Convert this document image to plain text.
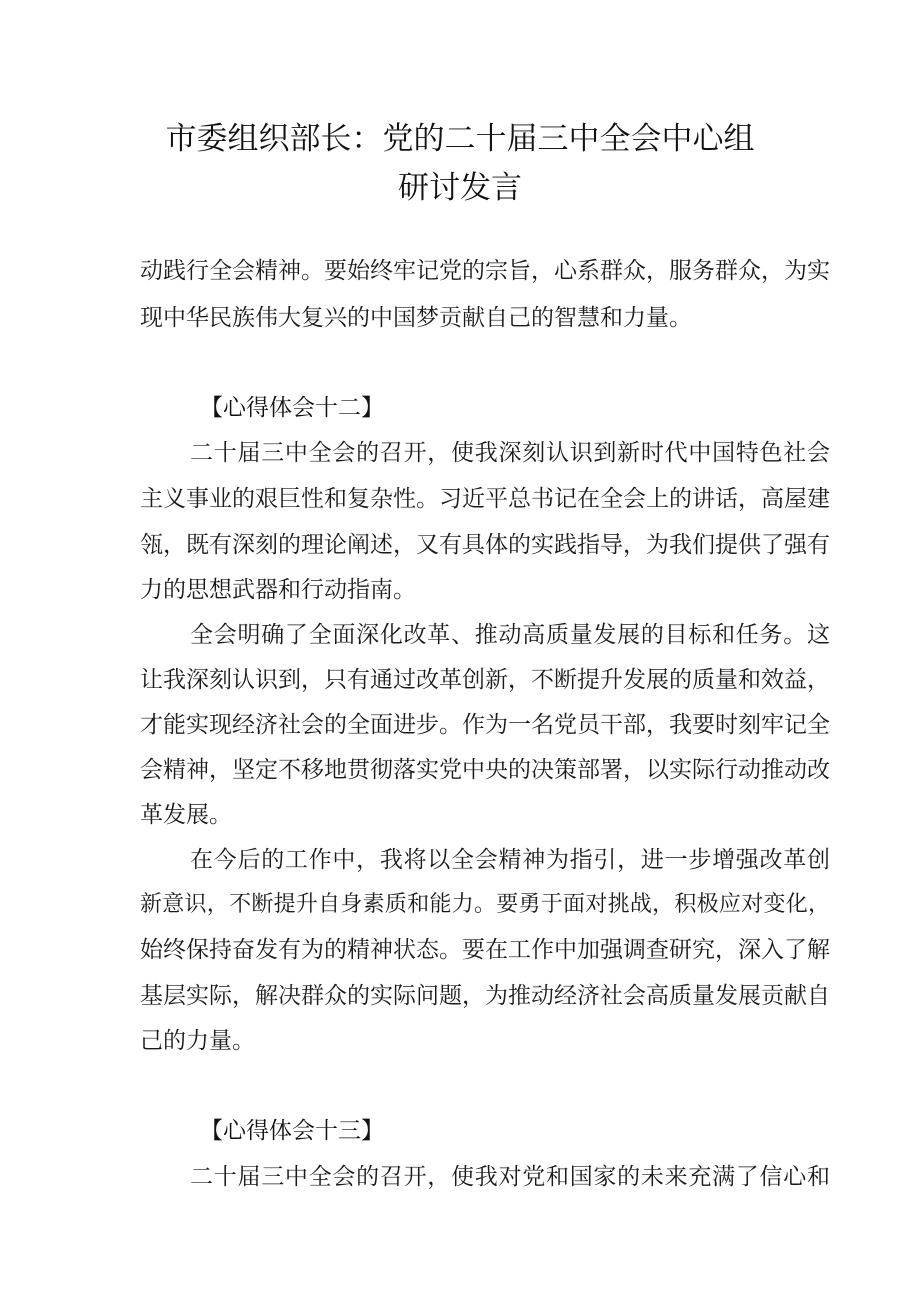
市委组织部长：党的二十届三中全会中心组
研讨发言
动践行全会精神。要始终牢记党的宗旨，心系群众，服务群众，为实
现中华民族伟大复兴的中国梦贡献自己的智慧和力量。
【心得体会十二】
二十届三中全会的召开，使我深刻认识到新时代中国特色社会
主义事业的艰巨性和复杂性。习近平总书记在全会上的讲话，高屋建
瓴，既有深刻的理论阐述，又有具体的实践指导，为我们提供了强有
力的思想武器和行动指南。
全会明确了全面深化改革、推动高质量发展的目标和任务。这
让我深刻认识到，只有通过改革创新，不断提升发展的质量和效益，
才能实现经济社会的全面进步。作为一名党员干部，我要时刻牢记全
会精神，坚定不移地贯彻落实党中央的决策部署，以实际行动推动改
革发展。
在今后的工作中，我将以全会精神为指引，进一步增强改革创
新意识，不断提升自身素质和能力。要勇于面对挑战，积极应对变化，
始终保持奋发有为的精神状态。要在工作中加强调查研究，深入了解
基层实际，解决群众的实际问题，为推动经济社会高质量发展贡献自
己的力量。
【心得体会十三】
二十届三中全会的召开，使我对党和国家的未来充满了信心和
